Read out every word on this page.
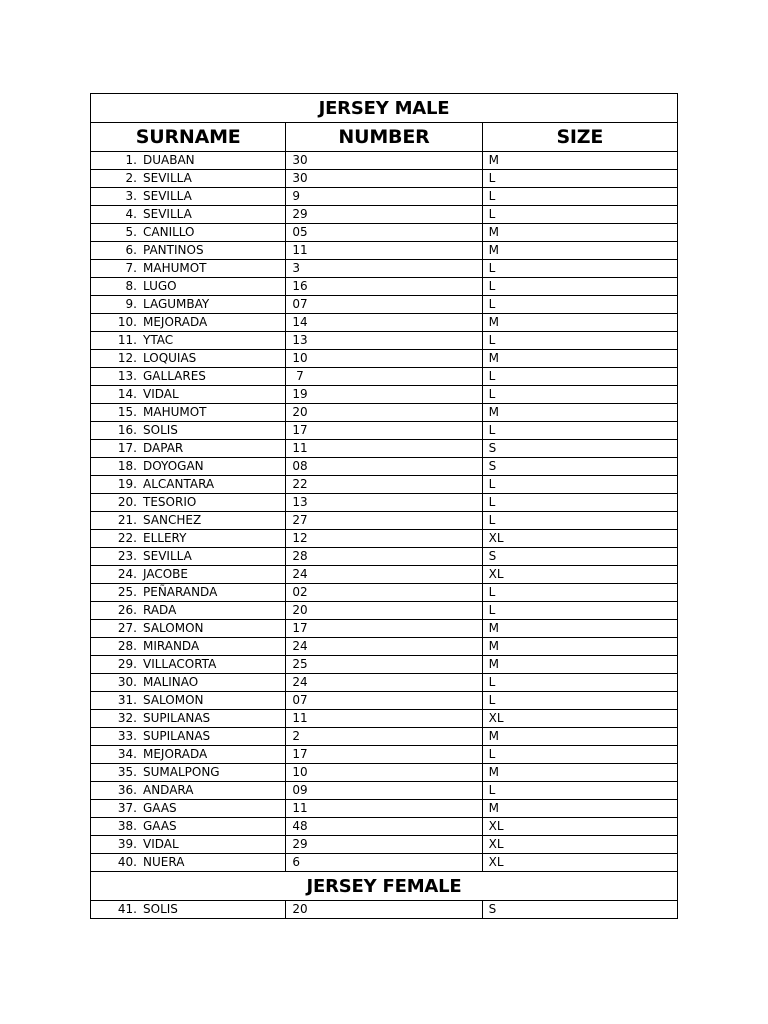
JERSEY MALE		
SURNAME	NUMBER	SIZE
1. DUABAN	30	M
2. SEVILLA	30	L
3. SEVILLA	9	L
4. SEVILLA	29	L
5. CANILLO	05	M
6. PANTINOS	11	M
7. MAHUMOT	3	L
8. LUGO	16	L
9. LAGUMBAY	07	L
10. MEJORADA	14	M
11. YTAC	13	L
12. LOQUIAS	10	M
13. GALLARES	7	L
14. VIDAL	19	L
15. MAHUMOT	20	M
16. SOLIS	17	L
17. DAPAR	11	S
18. DOYOGAN	08	S
19. ALCANTARA	22	L
20. TESORIO	13	L
21. SANCHEZ	27	L
22. ELLERY	12	XL
23. SEVILLA	28	S
24. JACOBE	24	XL
25. PEÑARANDA	02	L
26. RADA	20	L
27. SALOMON	17	M
28. MIRANDA	24	M
29. VILLACORTA	25	M
30. MALINAO	24	L
31. SALOMON	07	L
32. SUPILANAS	11	XL
33. SUPILANAS	2	M
34. MEJORADA	17	L
35. SUMALPONG	10	M
36. ANDARA	09	L
37. GAAS	11	M
38. GAAS	48	XL
39. VIDAL	29	XL
40. NUERA	6	XL
JERSEY FEMALE		
41. SOLIS	20	S
